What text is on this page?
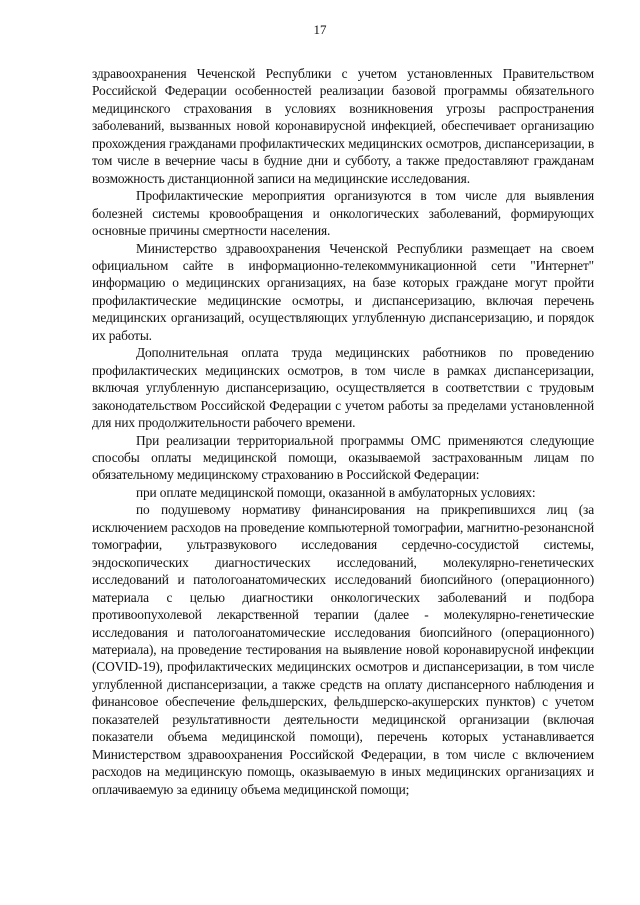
17

здравоохранения Чеченской Республики с учетом установленных Правительством Российской Федерации особенностей реализации базовой программы обязательного медицинского страхования в условиях возникновения угрозы распространения заболеваний, вызванных новой коронавирусной инфекцией, обеспечивает организацию прохождения гражданами профилактических медицинских осмотров, диспансеризации, в том числе в вечерние часы в будние дни и субботу, а также предоставляют гражданам возможность дистанционной записи на медицинские исследования.

Профилактические мероприятия организуются в том числе для выявления болезней системы кровообращения и онкологических заболеваний, формирующих основные причины смертности населения.

Министерство здравоохранения Чеченской Республики размещает на своем официальном сайте в информационно-телекоммуникационной сети "Интернет" информацию о медицинских организациях, на базе которых граждане могут пройти профилактические медицинские осмотры, и диспансеризацию, включая перечень медицинских организаций, осуществляющих углубленную диспансеризацию, и порядок их работы.

Дополнительная оплата труда медицинских работников по проведению профилактических медицинских осмотров, в том числе в рамках диспансеризации, включая углубленную диспансеризацию, осуществляется в соответствии с трудовым законодательством Российской Федерации с учетом работы за пределами установленной для них продолжительности рабочего времени.

При реализации территориальной программы ОМС применяются следующие способы оплаты медицинской помощи, оказываемой застрахованным лицам по обязательному медицинскому страхованию в Российской Федерации:

при оплате медицинской помощи, оказанной в амбулаторных условиях:

по подушевому нормативу финансирования на прикрепившихся лиц (за исключением расходов на проведение компьютерной томографии, магнитно-резонансной томографии, ультразвукового исследования сердечно-сосудистой системы, эндоскопических диагностических исследований, молекулярно-генетических исследований и патологоанатомических исследований биопсийного (операционного) материала с целью диагностики онкологических заболеваний и подбора противоопухолевой лекарственной терапии (далее - молекулярно-генетические исследования и патологоанатомические исследования биопсийного (операционного) материала), на проведение тестирования на выявление новой коронавирусной инфекции (COVID-19), профилактических медицинских осмотров и диспансеризации, в том числе углубленной диспансеризации, а также средств на оплату диспансерного наблюдения и финансовое обеспечение фельдшерских, фельдшерско-акушерских пунктов) с учетом показателей результативности деятельности медицинской организации (включая показатели объема медицинской помощи), перечень которых устанавливается Министерством здравоохранения Российской Федерации, в том числе с включением расходов на медицинскую помощь, оказываемую в иных медицинских организациях и оплачиваемую за единицу объема медицинской помощи;
